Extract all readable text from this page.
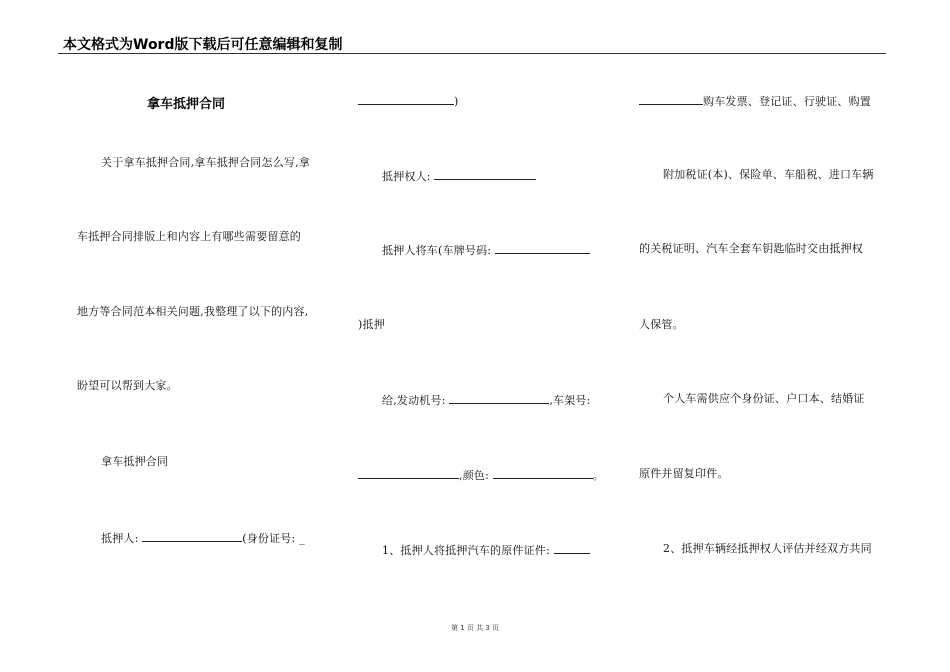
本文格式为Word版下载后可任意编辑和复制
拿车抵押合同
关于拿车抵押合同,拿车抵押合同怎么写,拿
车抵押合同排版上和内容上有哪些需要留意的
地方等合同范本相关问题,我整理了以下的内容,
盼望可以帮到大家。
拿车抵押合同
抵押人:	(身份证号: _
)
抵押权人:
抵押人将车(车牌号码:
)抵押
给,发动机号:	,车架号:
,颜色:	。
1、抵押人将抵押汽车的原件证件:
购车发票、登记证、行驶证、购置
附加税证(本)、保险单、车船税、进口车辆
的关税证明、汽车全套车钥匙临时交由抵押权
人保管。
个人车需供应个身份证、户口本、结婚证
原件并留复印件。
2、抵押车辆经抵押权人评估并经双方共同
第 1 页 共 3 页
